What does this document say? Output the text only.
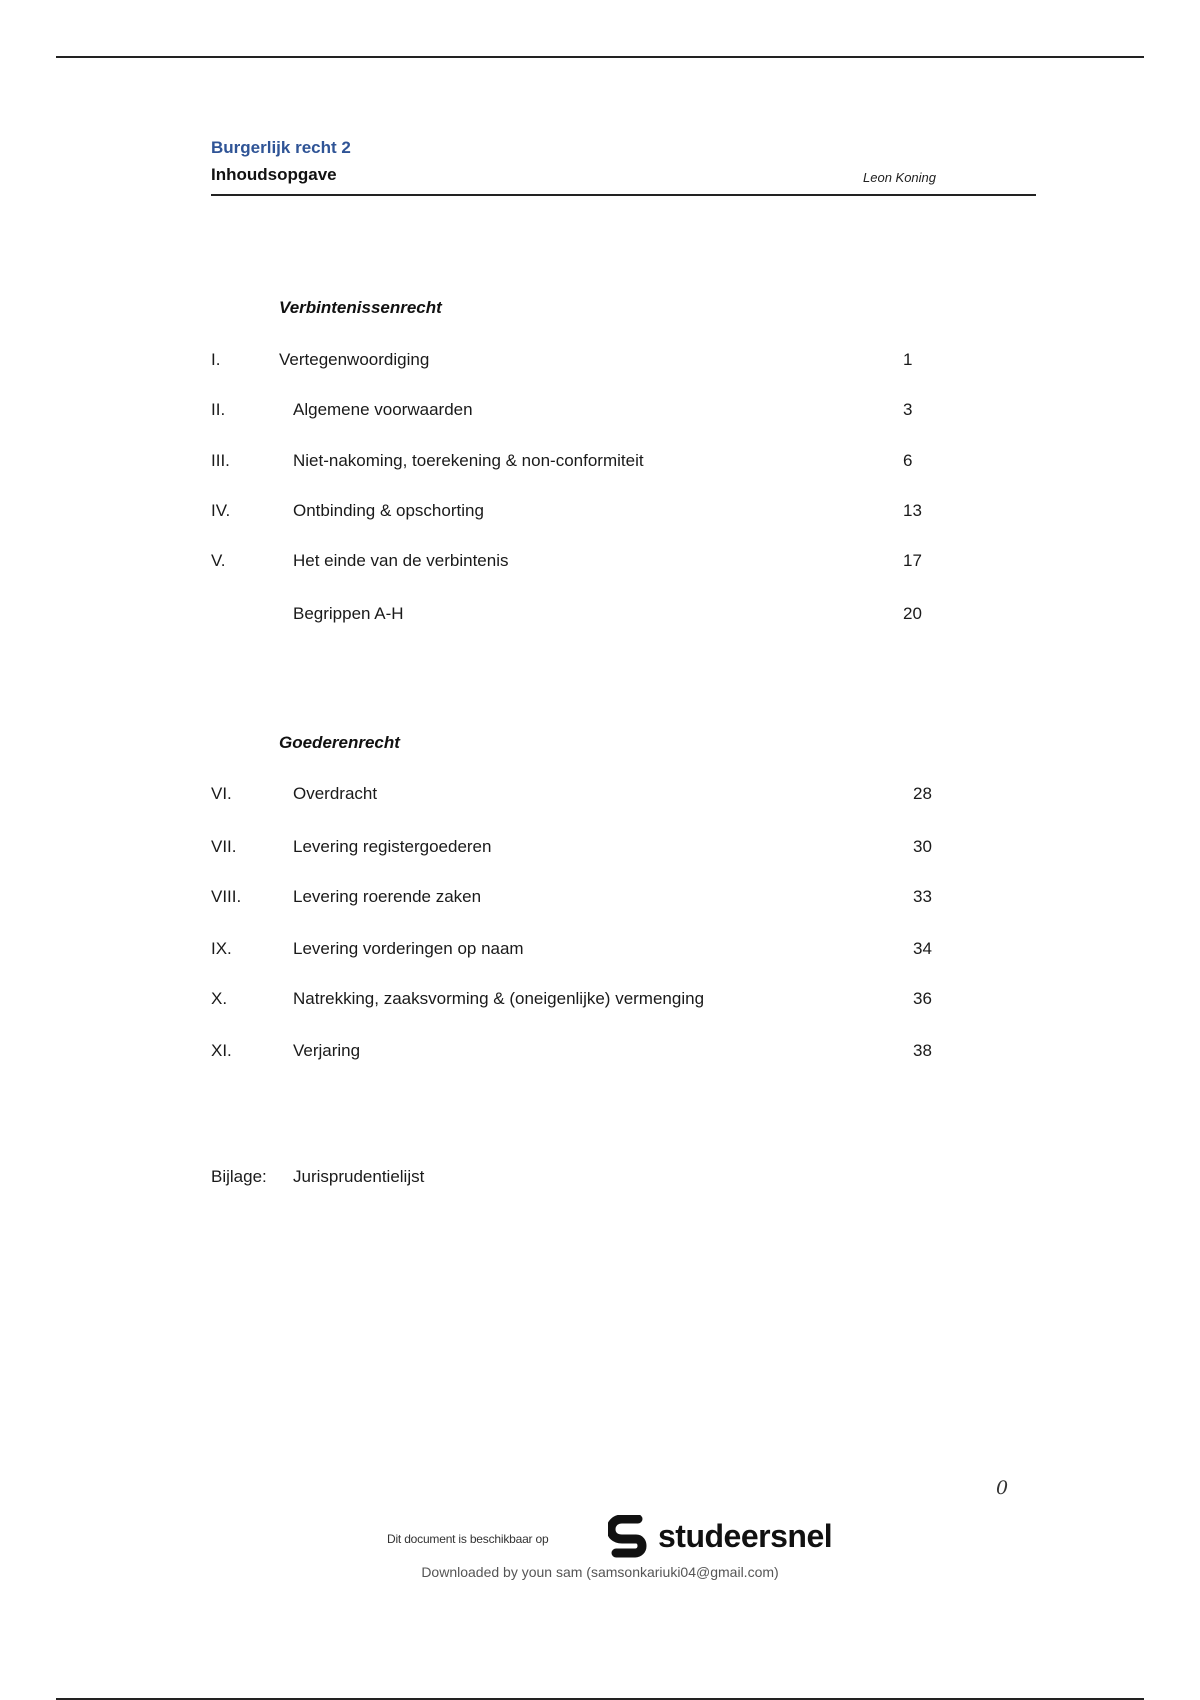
Burgerlijk recht 2
Inhoudsopgave	Leon Koning
Verbintenissenrecht
I.	Vertegenwoordiging	1
II.	Algemene voorwaarden	3
III.	Niet-nakoming, toerekening & non-conformiteit	6
IV.	Ontbinding & opschorting	13
V.	Het einde van de verbintenis	17
Begrippen A-H	20
Goederenrecht
VI.	Overdracht	28
VII.	Levering registergoederen	30
VIII.	Levering roerende zaken	33
IX.	Levering vorderingen op naam	34
X.	Natrekking, zaaksvorming & (oneigenlijke) vermenging	36
XI.	Verjaring	38
Bijlage: Jurisprudentielijst
0
Dit document is beschikbaar op	studeersnel
Downloaded by youn sam (samsonkariuki04@gmail.com)
